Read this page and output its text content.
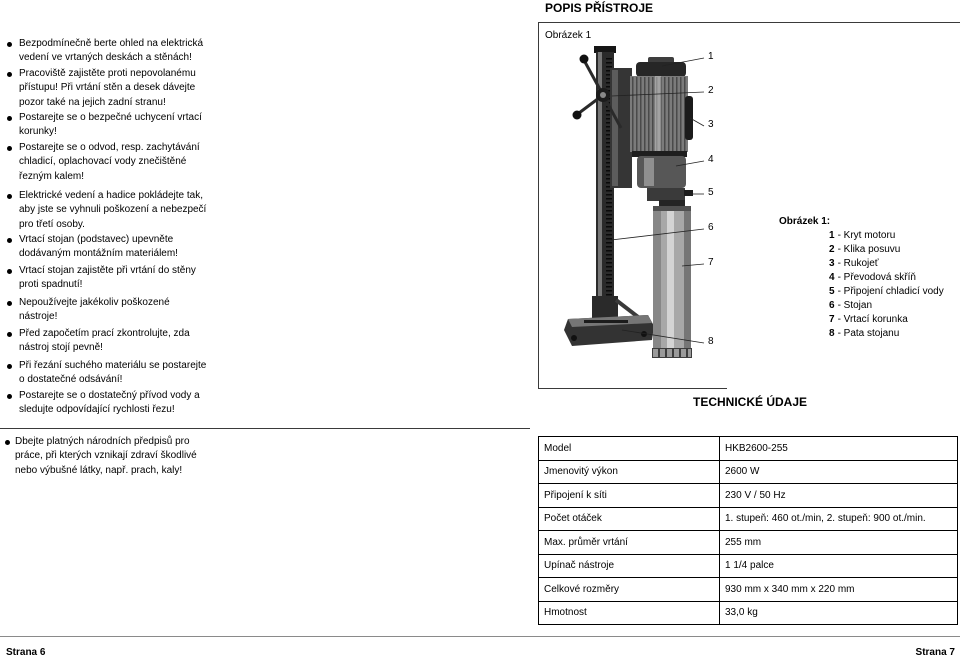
POPIS PŘÍSTROJE
Bezpodmínečně berte ohled na elektrická
vedení ve vrtaných deskách a stěnách!
Pracoviště zajistěte proti nepovolanému
přístupu! Při vrtání stěn a desek dávejte
pozor také na jejich zadní stranu!
Postarejte se o bezpečné uchycení vrtací
korunky!
Postarejte se o odvod, resp. zachytávání
chladicí, oplachovací vody znečištěné
řezným kalem!
Elektrické vedení a hadice pokládejte tak,
aby jste se vyhnuli poškození a nebezpečí
pro třetí osoby.
Vrtací stojan (podstavec) upevněte
dodávaným montážním materiálem!
Vrtací stojan zajistěte při vrtání do stěny
proti spadnutí!
Nepoužívejte jakékoliv poškozené
nástroje!
Před započetím prací zkontrolujte, zda
nástroj stojí pevně!
Při řezání suchého materiálu se postarejte
o dostatečné odsávání!
Postarejte se o dostatečný přívod vody a
sledujte odpovídající rychlosti řezu!
Dbejte platných národních předpisů pro
práce, při kterých vznikají zdraví škodlivé
nebo výbušné látky, např. prach, kaly!
Obrázek 1
1
2
3
4
5
6
7
8
Obrázek 1:
1 - Kryt motoru
2 - Klika posuvu
3 - Rukojeť
4 - Převodová skříň
5 - Připojení chladicí vody
6 - Stojan
7 - Vrtací korunka
8 - Pata stojanu
TECHNICKÉ ÚDAJE
Model	HKB2600-255
Jmenovitý výkon	2600 W
Připojení k síti	230 V / 50 Hz
Počet otáček	1. stupeň: 460 ot./min, 2. stupeň: 900 ot./min.
Max. průměr vrtání	255 mm
Upínač nástroje	1 1/4 palce
Celkové rozměry	930 mm x 340 mm x 220 mm
Hmotnost	33,0 kg
Strana 6	Strana 7
